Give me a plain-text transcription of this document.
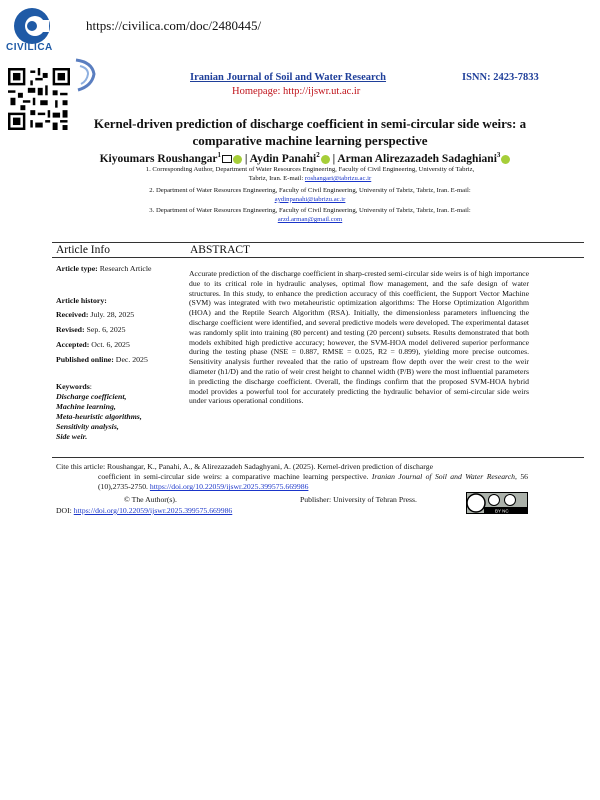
CIVILICA
https://civilica.com/doc/2480445/
Iranian Journal of Soil and Water Research	ISNN: 2423-7833
Homepage: http://ijswr.ut.ac.ir
Kernel-driven prediction of discharge coefficient in semi-circular side weirs: a
comparative machine learning perspective
Kiyoumars Roushangar$^1$ | Aydin Panahi$^2$ | Arman Alirezazadeh Sadaghiani$^3$

1. Corresponding Author, Department of Water Resources Engineering, Faculty of Civil Engineering, University of Tabriz,
Tabriz, Iran. E-mail: roshangari@tabrizu.ac.ir

2. Department of Water Resources Engineering, Faculty of Civil Engineering, University of Tabriz, Tabriz, Iran. E-mail:
aydinpanahi@tabrizu.ac.ir

3. Department of Water Resources Engineering, Faculty of Civil Engineering, University of Tabriz, Tabriz, Iran. E-mail:
arzd.arman@gmail.com

Article Info	ABSTRACT
Article type: Research Article
Article history:
Received: July. 28, 2025
Revised: Sep. 6, 2025
Accepted: Oct. 6, 2025
Published online: Dec. 2025
Keywords:
Discharge coefficient,
Machine learning,
Meta-heuristic algorithms,
Sensitivity analysis,
Side weir.
Accurate prediction of the discharge coefficient in sharp-crested semi-circular side weirs is of high importance due to its critical role in hydraulic analyses, optimal flow management, and the safe design of water structures. In this study, to enhance the prediction accuracy of this coefficient, the Support Vector Machine (SVM) was integrated with two metaheuristic optimization algorithms: The Horse Optimization Algorithm (HOA) and the Reptile Search Algorithm (RSA). Initially, the dimensionless parameters influencing the discharge coefficient were identified, and several predictive models were developed. The experimental dataset was randomly split into training (80 percent) and testing (20 percent) subsets. Results demonstrated that both models exhibited high predictive accuracy; however, the SVM-HOA model delivered superior performance during the testing phase (NSE = 0.887, RMSE = 0.025, R2 = 0.899), yielding more precise outcomes. Sensitivity analysis further revealed that the ratio of upstream flow depth over the weir crest to the weir diameter (h1/D) and the ratio of weir crest height to channel width (P/B) were the most influential parameters in predicting the discharge coefficient. Overall, the findings confirm that the proposed SVM-HOA hybrid model provides a powerful tool for accurately predicting the hydraulic behavior of semi-circular side weirs under various operational conditions.
Cite this article: Roushangar, K., Panahi, A., & Alirezazadeh Sadaghyani, A. (2025). Kernel-driven prediction of discharge
coefficient in semi-circular side weirs: a comparative machine learning perspective. Iranian Journal of Soil and Water Research, 56 (10),2735-2750. https://doi.org/10.22059/ijswr.2025.399575.669986
© The Author(s).	Publisher: University of Tehran Press.
DOI: https://doi.org/10.22059/ijswr.2025.399575.669986	BY NC
